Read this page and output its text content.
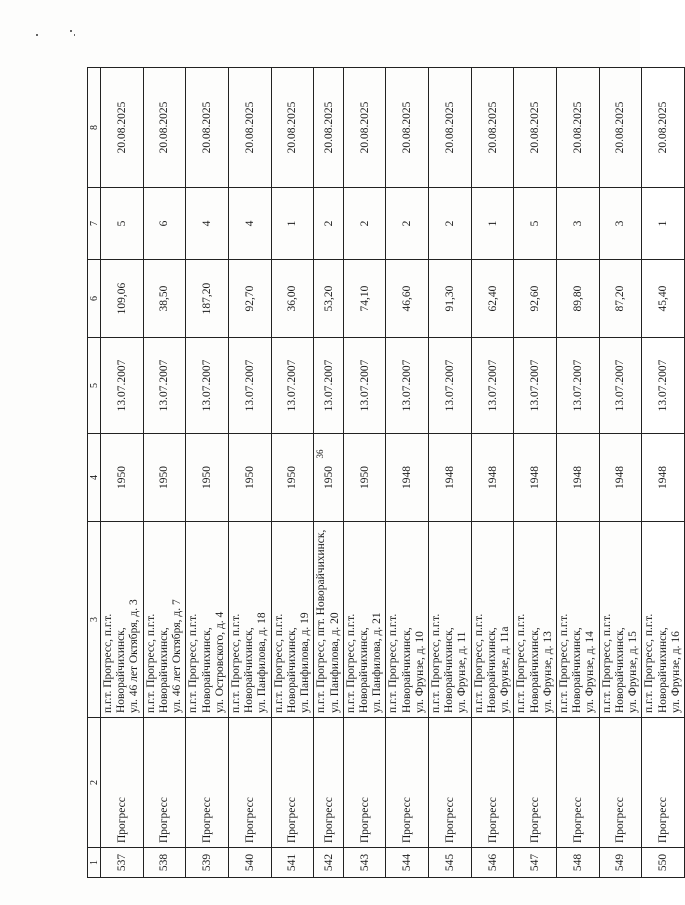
36
1	2	3	4	5	6	7	8
537	Прогресс	п.г.т. Прогресс, п.г.т. Новорайчихинск, ул. 46 лет Октября, д. 3	1950	13.07.2007	109,06	5	20.08.2025
538	Прогресс	п.г.т. Прогресс, п.г.т. Новорайчихинск, ул. 46 лет Октября, д. 7	1950	13.07.2007	38,50	6	20.08.2025
539	Прогресс	п.г.т. Прогресс, п.г.т. Новорайчихинск, ул. Островского, д. 4	1950	13.07.2007	187,20	4	20.08.2025
540	Прогресс	п.г.т. Прогресс, п.г.т. Новорайчихинск, ул. Панфилова, д. 18	1950	13.07.2007	92,70	4	20.08.2025
541	Прогресс	п.г.т. Прогресс, п.г.т. Новорайчихинск, ул. Панфилова, д. 19	1950	13.07.2007	36,00	1	20.08.2025
542	Прогресс	п.г.т. Прогресс, пгт. Новорайчихинск, ул. Панфилова, д. 20	1950	13.07.2007	53,20	2	20.08.2025
543	Прогресс	п.г.т. Прогресс, п.г.т. Новорайчихинск, ул. Панфилова, д. 21	1950	13.07.2007	74,10	2	20.08.2025
544	Прогресс	п.г.т. Прогресс, п.г.т. Новорайчихинск, ул. Фрунзе, д. 10	1948	13.07.2007	46,60	2	20.08.2025
545	Прогресс	п.г.т. Прогресс, п.г.т. Новорайчихинск, ул. Фрунзе, д. 11	1948	13.07.2007	91,30	2	20.08.2025
546	Прогресс	п.г.т. Прогресс, п.г.т. Новорайчихинск, ул. Фрунзе, д. 11а	1948	13.07.2007	62,40	1	20.08.2025
547	Прогресс	п.г.т. Прогресс, п.г.т. Новорайчихинск, ул. Фрунзе, д. 13	1948	13.07.2007	92,60	5	20.08.2025
548	Прогресс	п.г.т. Прогресс, п.г.т. Новорайчихинск, ул. Фрунзе, д. 14	1948	13.07.2007	89,80	3	20.08.2025
549	Прогресс	п.г.т. Прогресс, п.г.т. Новорайчихинск, ул. Фрунзе, д. 15	1948	13.07.2007	87,20	3	20.08.2025
550	Прогресс	п.г.т. Прогресс, п.г.т. Новорайчихинск, ул. Фрунзе, д. 16	1948	13.07.2007	45,40	1	20.08.2025
